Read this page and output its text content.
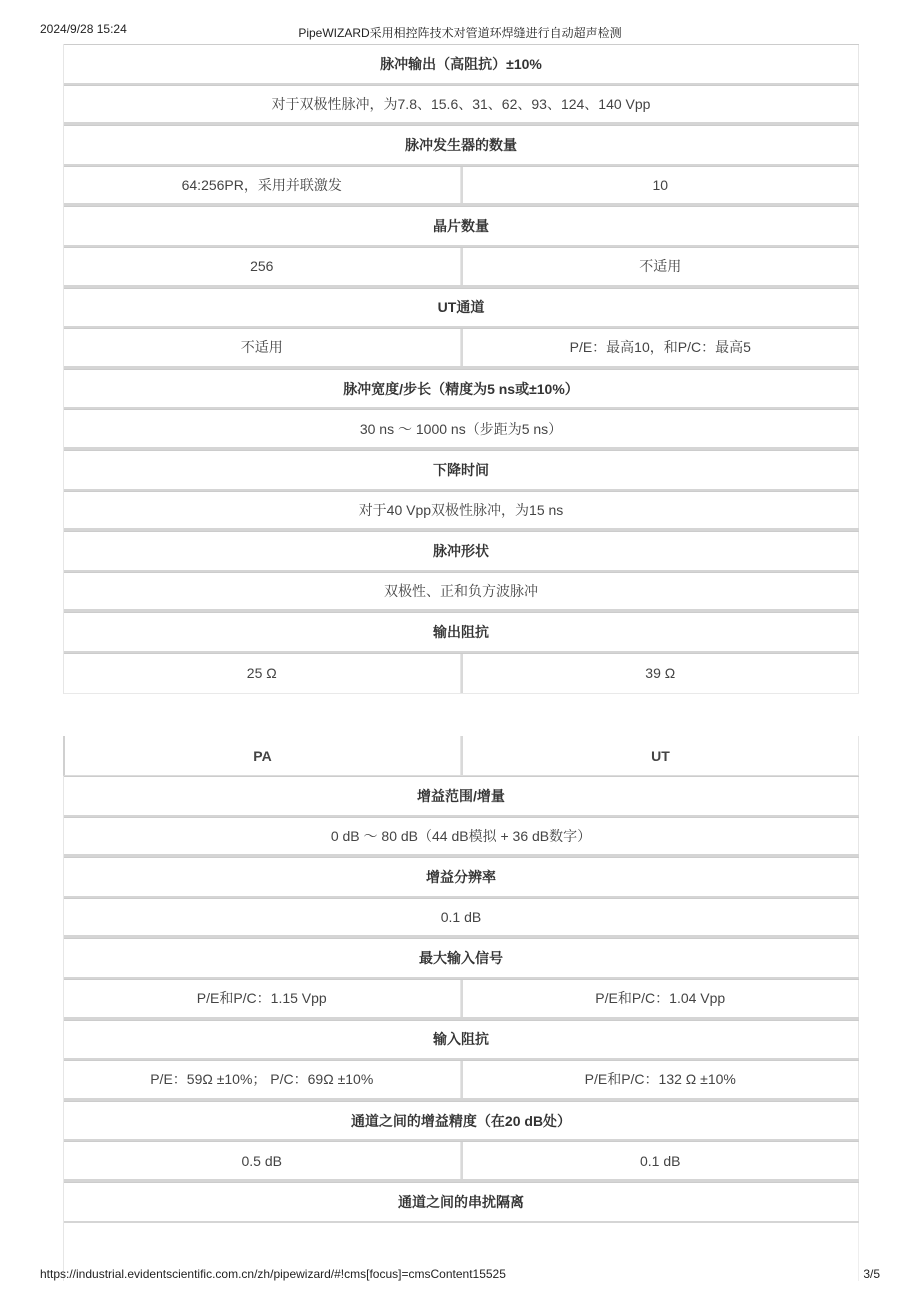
2024/9/28 15:24	PipeWIZARD采用相控阵技术对管道环焊缝进行自动超声检测
脉冲输出（高阻抗）±10%
对于双极性脉冲，为7.8、15.6、31、62、93、124、140 Vpp
脉冲发生器的数量
64:256PR，采用并联激发	10
晶片数量
256	不适用
UT通道
不适用	P/E：最高10，和P/C：最高5
脉冲宽度/步长（精度为5 ns或±10%）
30 ns ～ 1000 ns（步距为5 ns）
下降时间
对于40 Vpp双极性脉冲，为15 ns
脉冲形状
双极性、正和负方波脉冲
输出阻抗
25 Ω	39 Ω
PA	UT
增益范围/增量
0 dB ～ 80 dB（44 dB模拟 + 36 dB数字）
增益分辨率
0.1 dB
最大输入信号
P/E和P/C：1.15 Vpp	P/E和P/C：1.04 Vpp
输入阻抗
P/E：59Ω ±10%； P/C：69Ω ±10%	P/E和P/C：132 Ω ±10%
通道之间的增益精度（在20 dB处）
0.5 dB	0.1 dB
通道之间的串扰隔离
https://industrial.evidentscientific.com.cn/zh/pipewizard/#!cms[focus]=cmsContent15525	3/5
